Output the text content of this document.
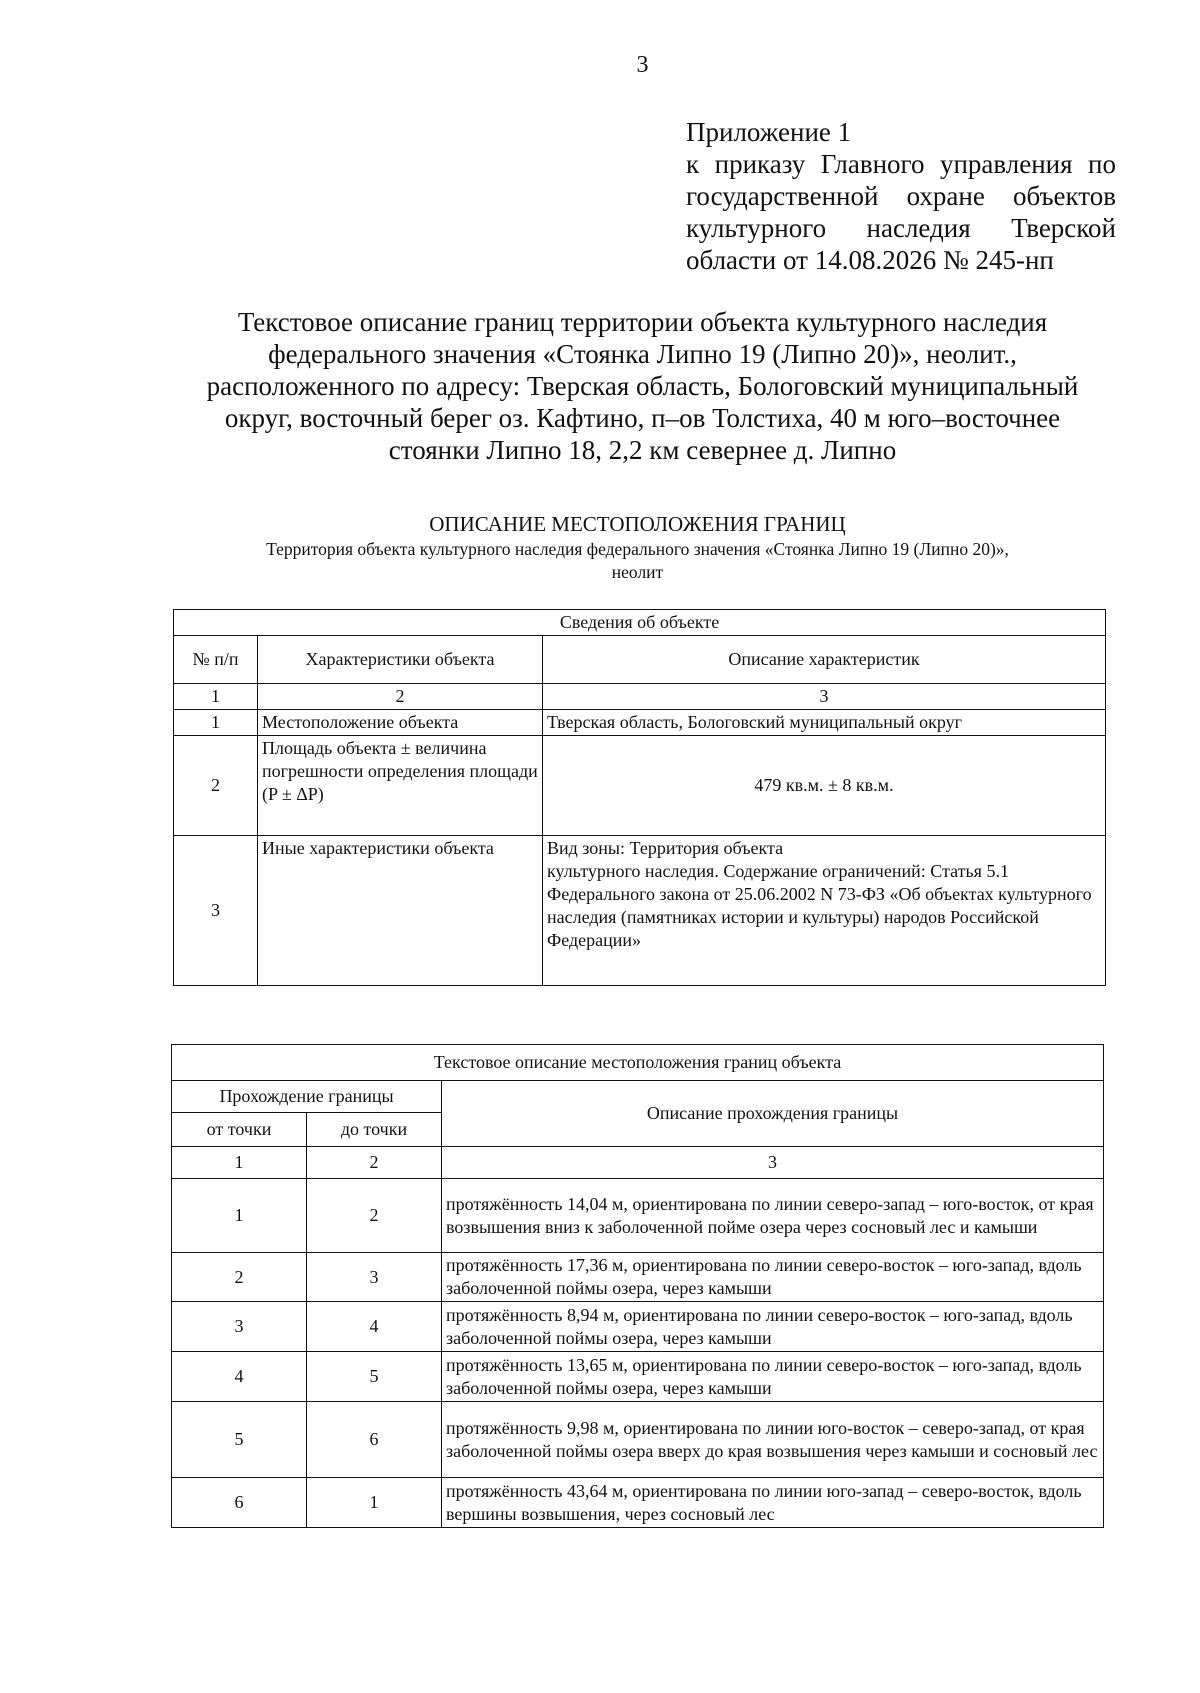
3
Приложение 1
к приказу Главного управления по
государственной охране объектов
культурного наследия Тверской
области от 14.08.2026 № 245-нп
Текстовое описание границ территории объекта культурного наследия
федерального значения «Стоянка Липно 19 (Липно 20)», неолит.,
расположенного по адресу: Тверская область, Бологовский муниципальный
округ, восточный берег оз. Кафтино, п–ов Толстиха, 40 м юго–восточнее
стоянки Липно 18, 2,2 км севернее д. Липно
ОПИСАНИЕ МЕСТОПОЛОЖЕНИЯ ГРАНИЦ
Территория объекта культурного наследия федерального значения «Стоянка Липно 19 (Липно 20)»,
неолит
Сведения об объекте		
№ п/п	Характеристики объекта	Описание характеристик
1	2	3
1	Местоположение объекта	Тверская область, Бологовский муниципальный округ
2	Площадь объекта ± величина погрешности определения площади (P ± ΔP)	479 кв.м. ± 8 кв.м.
3	Иные характеристики объекта	Вид зоны: Территория объекта
культурного наследия. Содержание ограничений: Статья 5.1 Федерального закона от 25.06.2002 N 73-ФЗ «Об объектах культурного наследия (памятниках истории и культуры) народов Российской Федерации»
Текстовое описание местоположения границ объекта		
Прохождение границы		Описание прохождения границы
от точки	до точки	
1	2	3
1	2	протяжённость 14,04 м, ориентирована по линии северо-запад – юго-восток, от края возвышения вниз к заболоченной пойме озера через сосновый лес и камыши
2	3	протяжённость 17,36 м, ориентирована по линии северо-восток – юго-запад, вдоль заболоченной поймы озера, через камыши
3	4	протяжённость 8,94 м, ориентирована по линии северо-восток – юго-запад, вдоль заболоченной поймы озера, через камыши
4	5	протяжённость 13,65 м, ориентирована по линии северо-восток – юго-запад, вдоль заболоченной поймы озера, через камыши
5	6	протяжённость 9,98 м, ориентирована по линии юго-восток – северо-запад, от края заболоченной поймы озера вверх до края возвышения через камыши и сосновый лес
6	1	протяжённость 43,64 м, ориентирована по линии юго-запад – северо-восток, вдоль вершины возвышения, через сосновый лес
